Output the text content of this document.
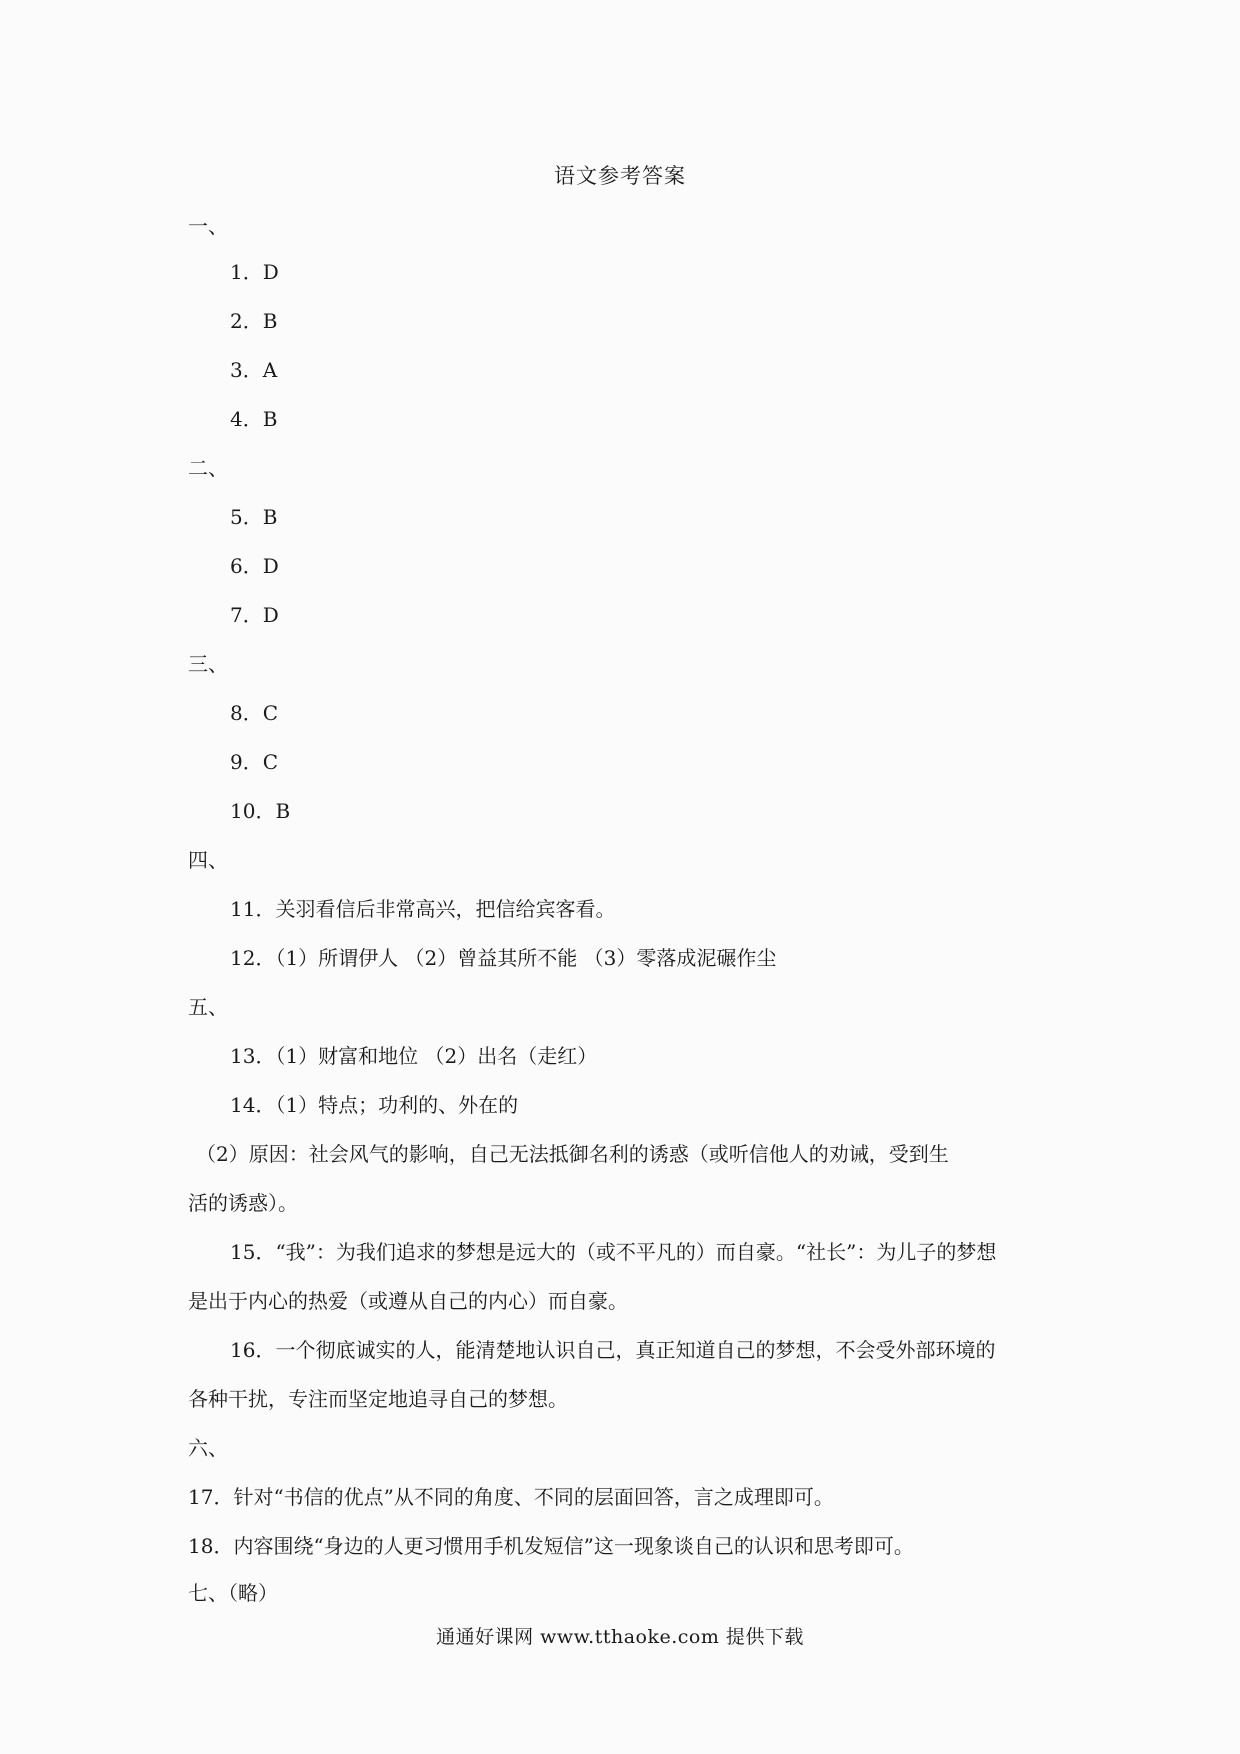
语文参考答案
一、
1．D
2．B
3．A
4．B
二、
5．B
6．D
7．D
三、
8．C
9．C
10．B
四、
11．关羽看信后非常高兴，把信给宾客看。
12．（1）所谓伊人 （2）曾益其所不能 （3）零落成泥碾作尘
五、
13．（1）财富和地位 （2）出名（走红）
14．（1）特点；功利的、外在的
（2）原因：社会风气的影响，自己无法抵御名利的诱惑（或听信他人的劝诫，受到生
活的诱惑）。
15．“我”：为我们追求的梦想是远大的（或不平凡的）而自豪。“社长”：为儿子的梦想
是出于内心的热爱（或遵从自己的内心）而自豪。
16．一个彻底诚实的人，能清楚地认识自己，真正知道自己的梦想，不会受外部环境的
各种干扰，专注而坚定地追寻自己的梦想。
六、
17．针对“书信的优点”从不同的角度、不同的层面回答，言之成理即可。
18．内容围绕“身边的人更习惯用手机发短信”这一现象谈自己的认识和思考即可。
七、（略）
通通好课网 www.tthaoke.com 提供下载
